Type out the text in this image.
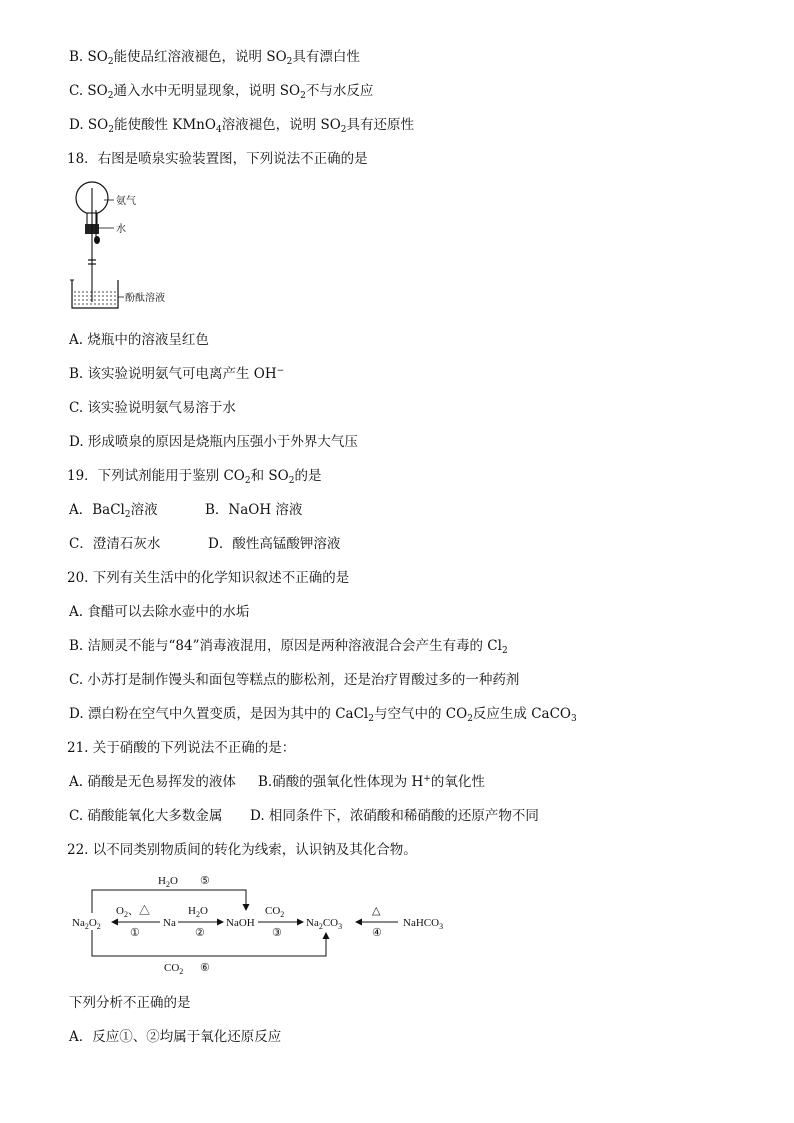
B. $SO_2$能使品红溶液褪色，说明 $SO_2$具有漂白性
C. $SO_2$通入水中无明显现象，说明 $SO_2$不与水反应
D. $SO_2$能使酸性 KMnO$_4$溶液褪色，说明 $SO_2$具有还原性
18．右图是喷泉实验装置图，下列说法不正确的是
氨气
水
酚酞溶液
A. 烧瓶中的溶液呈红色
B. 该实验说明氨气可电离产生 OH−
C. 该实验说明氨气易溶于水
D. 形成喷泉的原因是烧瓶内压强小于外界大气压
19．下列试剂能用于鉴别 $CO_2$和 $SO_2$的是
A．BaCl$_2$溶液	B．NaOH 溶液
C．澄清石灰水	D．酸性高锰酸钾溶液
20. 下列有关生活中的化学知识叙述不正确的是
A. 食醋可以去除水壶中的水垢
B. 洁厕灵不能与“84”消毒液混用，原因是两种溶液混合会产生有毒的 $Cl_2$
C. 小苏打是制作馒头和面包等糕点的膨松剂，还是治疗胃酸过多的一种药剂
D. 漂白粉在空气中久置变质，是因为其中的 CaCl$_2$与空气中的 $CO_2$反应生成 CaCO$_3$
21. 关于硝酸的下列说法不正确的是：
A. 硝酸是无色易挥发的液体 B.硝酸的强氧化性体现为 H+的氧化性
C. 硝酸能氧化大多数金属 D. 相同条件下，浓硝酸和稀硝酸的还原产物不同
22. 以不同类别物质间的转化为线索，认识钠及其化合物。
$Na_2O_2$	Na	NaOH	$Na_2CO_3$	NaHCO$_3$
$O_2$、△
①
$H_2O$
②
$CO_2$
③
△
④
$H_2O$ ⑤
$CO_2$ ⑥
下列分析不正确的是
A．反应①、②均属于氧化还原反应
